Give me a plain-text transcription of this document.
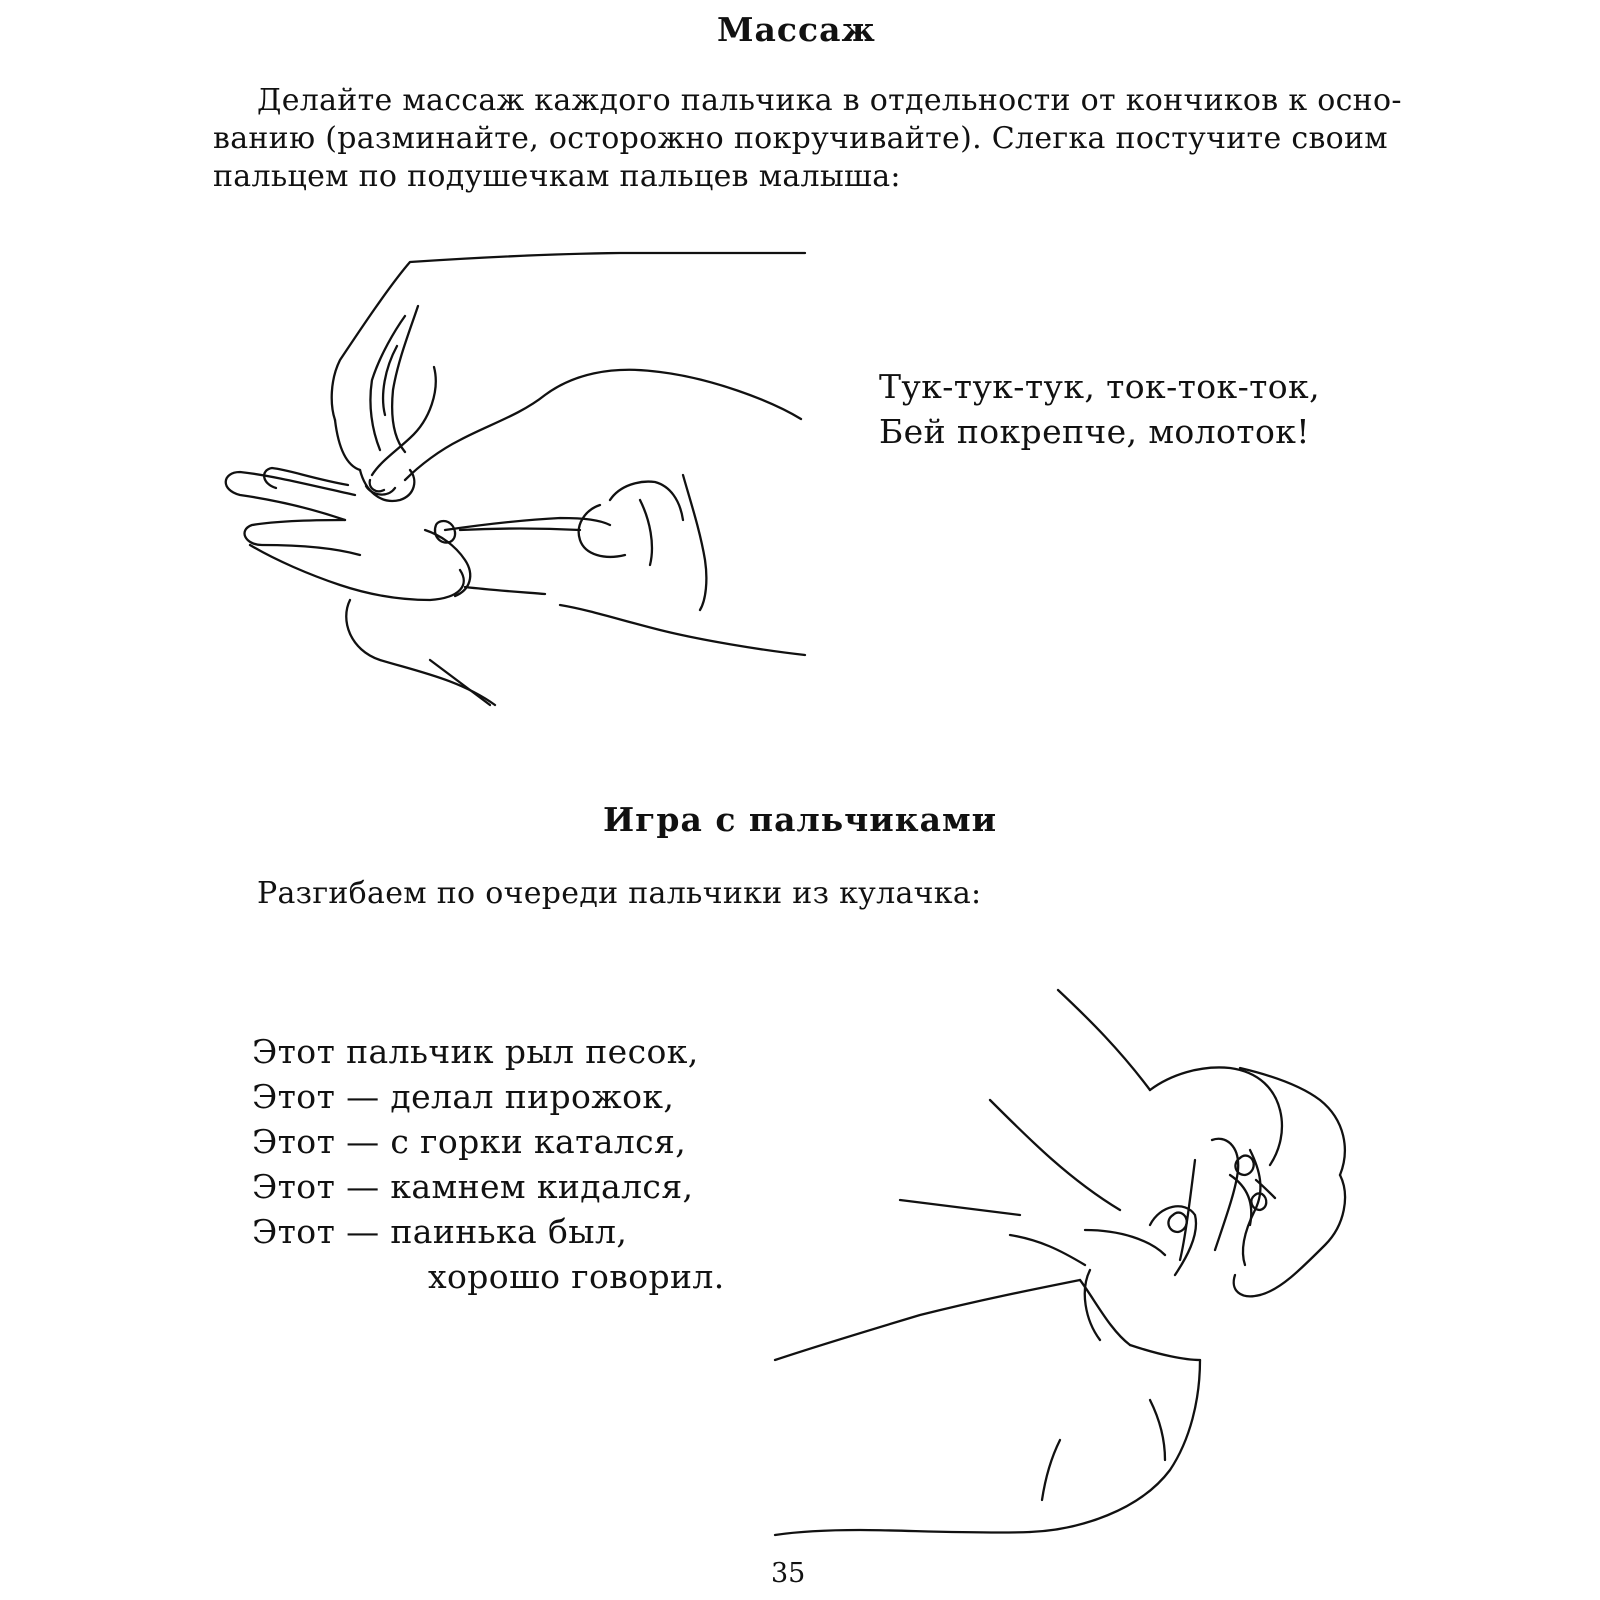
Массаж
Делайте массаж каждого пальчика в отдельности от кончиков к осно-
ванию (разминайте, осторожно покручивайте). Слегка постучите своим
пальцем по подушечкам пальцев малыша:
Тук-тук-тук, ток-ток-ток,
Бей покрепче, молоток!
Игра с пальчиками
Разгибаем по очереди пальчики из кулачка:
Этот пальчик рыл песок,
Этот — делал пирожок,
Этот — с горки катался,
Этот — камнем кидался,
Этот — паинька был,
хорошо говорил.
35
